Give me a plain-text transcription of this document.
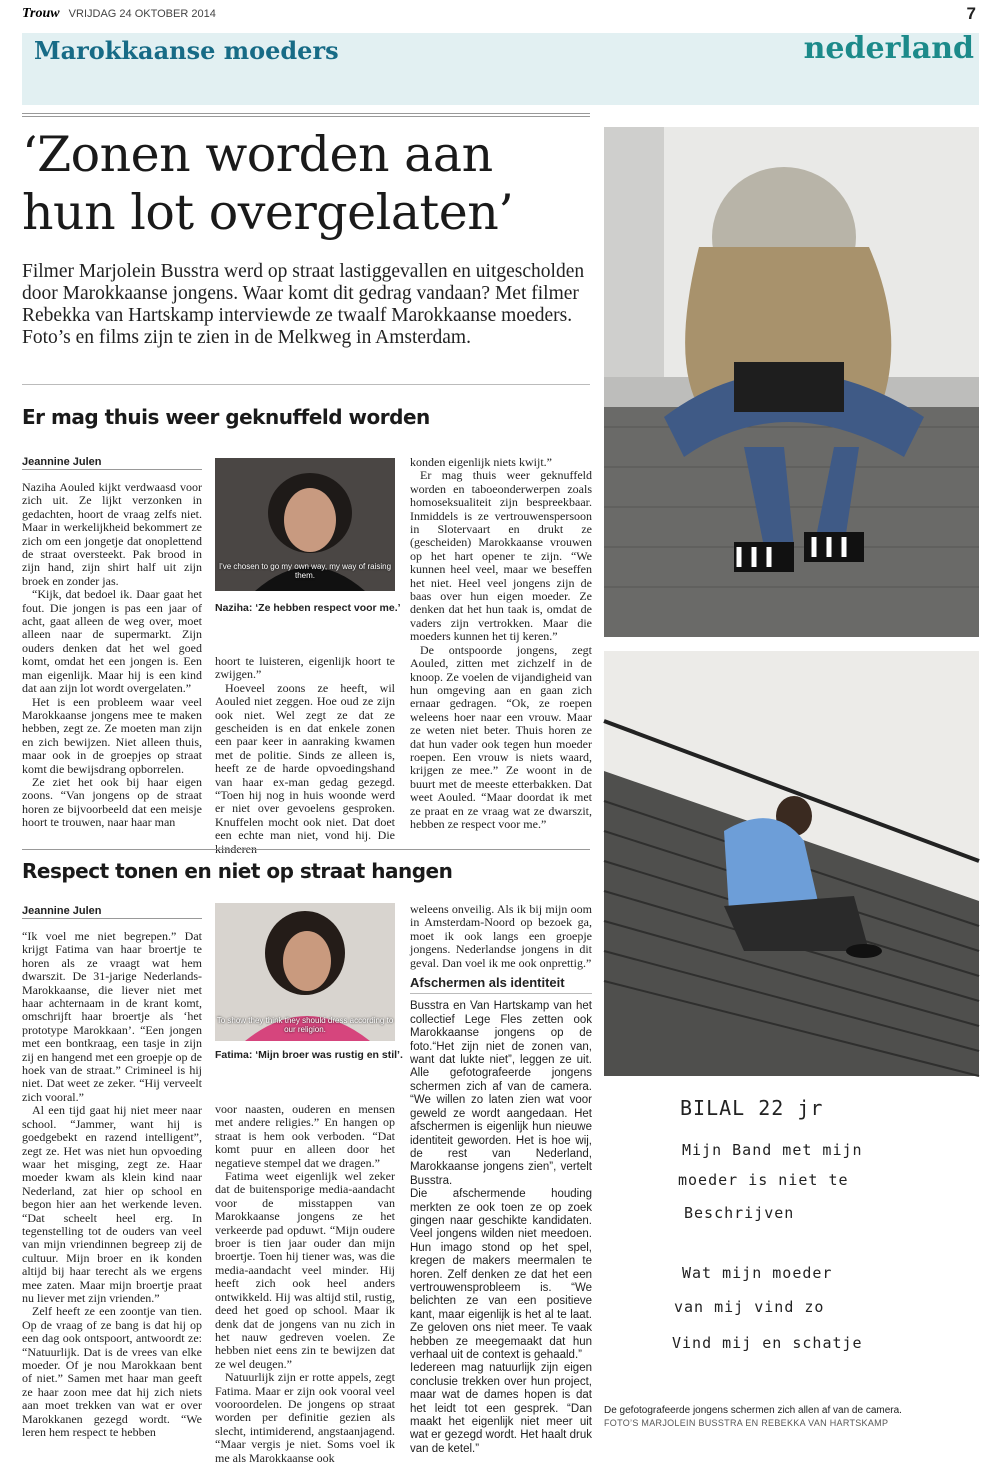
Trouw VRIJDAG 24 OKTOBER 2014	7
Marokkaanse moeders	nederland
‘Zonen worden aan hun lot overgelaten’

Filmer Marjolein Busstra werd op straat lastiggevallen en uitgescholden door Marokkaanse jongens. Waar komt dit gedrag vandaan? Met filmer Rebekka van Hartskamp interviewde ze twaalf Marokkaanse moeders. Foto’s en films zijn te zien in de Melkweg in Amsterdam.

Er mag thuis weer geknuffeld worden
Jeannine Julen

Naziha Aouled kijkt verdwaasd voor zich uit. Ze lijkt verzonken in gedachten, hoort de vraag zelfs niet. Maar in werkelijkheid bekommert ze zich om een jongetje dat onoplettend de straat oversteekt. Pak brood in zijn hand, zijn shirt half uit zijn broek en zonder jas.

“Kijk, dat bedoel ik. Daar gaat het fout. Die jongen is pas een jaar of acht, gaat alleen de weg over, moet alleen naar de supermarkt. Zijn ouders denken dat het wel goed komt, omdat het een jongen is. Een man eigenlijk. Maar hij is een kind dat aan zijn lot wordt overgelaten.”

Het is een probleem waar veel Marokkaanse jongens mee te maken hebben, zegt ze. Ze moeten man zijn en zich bewijzen. Niet alleen thuis, maar ook in de groepjes op straat komt die bewijsdrang opborrelen.

Ze ziet het ook bij haar eigen zoons. “Van jongens op de straat horen ze bijvoorbeeld dat een meisje hoort te trouwen, naar haar man

I've chosen to go my own way, my way of raising them.
Naziha: ‘Ze hebben respect voor me.’

hoort te luisteren, eigenlijk hoort te zwijgen.”

Hoeveel zoons ze heeft, wil Aouled niet zeggen. Hoe oud ze zijn ook niet. Wel zegt ze dat ze gescheiden is en dat enkele zonen een paar keer in aanraking kwamen met de politie. Sinds ze alleen is, heeft ze de harde opvoedingshand van haar ex-man gedag gezegd. “Toen hij nog in huis woonde werd er niet over gevoelens gesproken. Knuffelen mocht ook niet. Dat doet een echte man niet, vond hij. Die kinderen

konden eigenlijk niets kwijt.”

Er mag thuis weer geknuffeld worden en taboeonderwerpen zoals homoseksualiteit zijn bespreekbaar. Inmiddels is ze vertrouwenspersoon in Slotervaart en drukt ze (gescheiden) Marokkaanse vrouwen op het hart opener te zijn. “We kunnen heel veel, maar we beseffen het niet. Heel veel jongens zijn de baas over hun eigen moeder. Ze denken dat het hun taak is, omdat de vaders zijn vertrokken. Maar die moeders kunnen het tij keren.”

De ontspoorde jongens, zegt Aouled, zitten met zichzelf in de knoop. Ze voelen de vijandigheid van hun omgeving aan en gaan zich ernaar gedragen. “Ok, ze roepen weleens hoer naar een vrouw. Maar ze weten niet beter. Thuis horen ze dat hun vader ook tegen hun moeder roepen. Een vrouw is niets waard, krijgen ze mee.” Ze woont in de buurt met de meeste etterbakken. Dat weet Aouled. “Maar doordat ik met ze praat en ze vraag wat ze dwarszit, hebben ze respect voor me.”

Respect tonen en niet op straat hangen
Jeannine Julen

“Ik voel me niet begrepen.” Dat krijgt Fatima van haar broertje te horen als ze vraagt wat hem dwarszit. De 31-jarige Nederlands-Marokkaanse, die liever niet met haar achternaam in de krant komt, omschrijft haar broertje als ‘het prototype Marokkaan’. “Een jongen met een bontkraag, een tasje in zijn zij en hangend met een groepje op de hoek van de straat.” Crimineel is hij niet. Dat weet ze zeker. “Hij verveelt zich vooral.”

Al een tijd gaat hij niet meer naar school. “Jammer, want hij is goedgebekt en razend intelligent”, zegt ze. Het was niet hun opvoeding waar het misging, zegt ze. Haar moeder kwam als klein kind naar Nederland, zat hier op school en begon hier aan het werkende leven. “Dat scheelt heel erg. In tegenstelling tot de ouders van veel van mijn vriendinnen begreep zij de cultuur. Mijn broer en ik konden altijd bij haar terecht als we ergens mee zaten. Maar mijn broertje praat nu liever met zijn vrienden.”

Zelf heeft ze een zoontje van tien. Op de vraag of ze bang is dat hij op een dag ook ontspoort, antwoordt ze: “Natuurlijk. Dat is de vrees van elke moeder. Of je nou Marokkaan bent of niet.” Samen met haar man geeft ze haar zoon mee dat hij zich niets aan moet trekken van wat er over Marokkanen gezegd wordt. “We leren hem respect te hebben

To show they think they should dress according to our religion.
Fatima: ‘Mijn broer was rustig en stil’.

voor naasten, ouderen en mensen met andere religies.” En hangen op straat is hem ook verboden. “Dat komt puur en alleen door het negatieve stempel dat we dragen.”

Fatima weet eigenlijk wel zeker dat de buitensporige media-aandacht voor de misstappen van Marokkaanse jongens ze het verkeerde pad opduwt. “Mijn oudere broer is tien jaar ouder dan mijn broertje. Toen hij tiener was, was die media-aandacht veel minder. Hij heeft zich ook heel anders ontwikkeld. Hij was altijd stil, rustig, deed het goed op school. Maar ik denk dat de jongens van nu zich in het nauw gedreven voelen. Ze hebben niet eens zin te bewijzen dat ze wel deugen.”

Natuurlijk zijn er rotte appels, zegt Fatima. Maar er zijn ook vooral veel vooroordelen. De jongens op straat worden per definitie gezien als slecht, intimiderend, angstaanjagend. “Maar vergis je niet. Soms voel ik me als Marokkaanse ook

weleens onveilig. Als ik bij mijn oom in Amsterdam-Noord op bezoek ga, moet ik ook langs een groepje jongens. Nederlandse jongens in dit geval. Dan voel ik me ook onprettig.”

Afschermen als identiteit

Busstra en Van Hartskamp van het collectief Lege Fles zetten ook Marokkaanse jongens op de foto.“Het zijn niet de zonen van, want dat lukte niet”, leggen ze uit. Alle gefotografeerde jongens schermen zich af van de camera. “We willen zo laten zien wat voor geweld ze wordt aangedaan. Het afschermen is eigenlijk hun nieuwe identiteit geworden. Het is hoe wij, de rest van Nederland, Marokkaanse jongens zien”, vertelt Busstra.

Die afschermende houding merkten ze ook toen ze op zoek gingen naar geschikte kandidaten. Veel jongens wilden niet meedoen. Hun imago stond op het spel, kregen de makers meermalen te horen. Zelf denken ze dat het een vertrouwensprobleem is. “We belichten ze van een positieve kant, maar eigenlijk is het al te laat. Ze geloven ons niet meer. Te vaak hebben ze meegemaakt dat hun verhaal uit de context is gehaald.”

Iedereen mag natuurlijk zijn eigen conclusie trekken over hun project, maar wat de dames hopen is dat het leidt tot een gesprek. “Dan maakt het eigenlijk niet meer uit wat er gezegd wordt. Het haalt druk van de ketel.”

BILAL 22 jr
Mijn Band met mijn
moeder is niet te
Beschrijven
Wat mijn moeder
van mij vind zo
Vind mij en schatje
De gefotografeerde jongens schermen zich allen af van de camera.
FOTO’S MARJOLEIN BUSSTRA EN REBEKKA VAN HARTSKAMP
